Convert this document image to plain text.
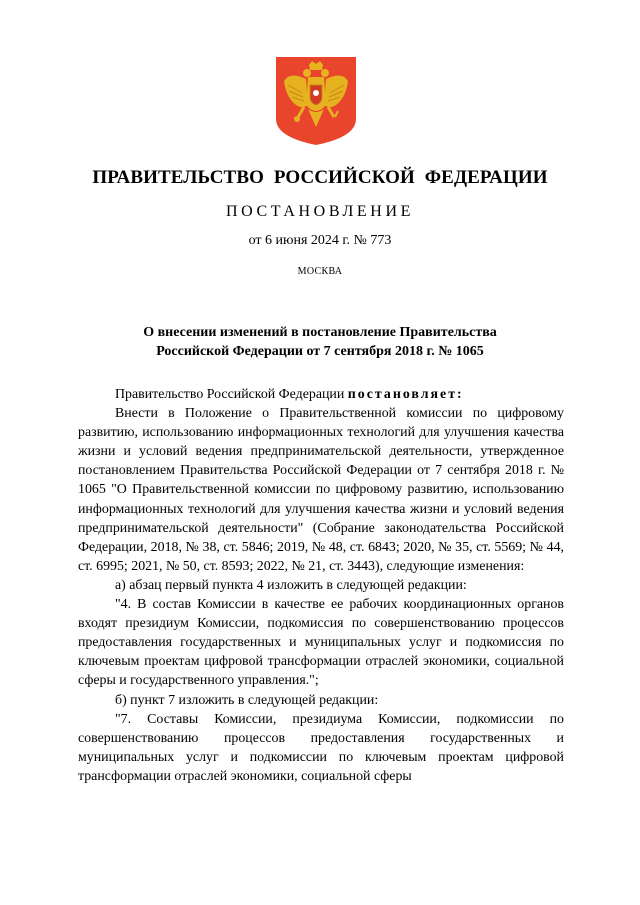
ПРАВИТЕЛЬСТВО РОССИЙСКОЙ ФЕДЕРАЦИИ
ПОСТАНОВЛЕНИЕ
от 6 июня 2024 г. № 773
МОСКВА
О внесении изменений в постановление Правительства
Российской Федерации от 7 сентября 2018 г. № 1065

Правительство Российской Федерации постановляет:

Внести в Положение о Правительственной комиссии по цифровому развитию, использованию информационных технологий для улучшения качества жизни и условий ведения предпринимательской деятельности, утвержденное постановлением Правительства Российской Федерации от 7 сентября 2018 г. № 1065 "О Правительственной комиссии по цифровому развитию, использованию информационных технологий для улучшения качества жизни и условий ведения предпринимательской деятельности" (Собрание законодательства Российской Федерации, 2018, № 38, ст. 5846; 2019, № 48, ст. 6843; 2020, № 35, ст. 5569; № 44, ст. 6995; 2021, № 50, ст. 8593; 2022, № 21, ст. 3443), следующие изменения:

а) абзац первый пункта 4 изложить в следующей редакции:

"4. В состав Комиссии в качестве ее рабочих координационных органов входят президиум Комиссии, подкомиссия по совершенствованию процессов предоставления государственных и муниципальных услуг и подкомиссия по ключевым проектам цифровой трансформации отраслей экономики, социальной сферы и государственного управления.";

б) пункт 7 изложить в следующей редакции:

"7. Составы Комиссии, президиума Комиссии, подкомиссии по совершенствованию процессов предоставления государственных и муниципальных услуг и подкомиссии по ключевым проектам цифровой трансформации отраслей экономики, социальной сферы
